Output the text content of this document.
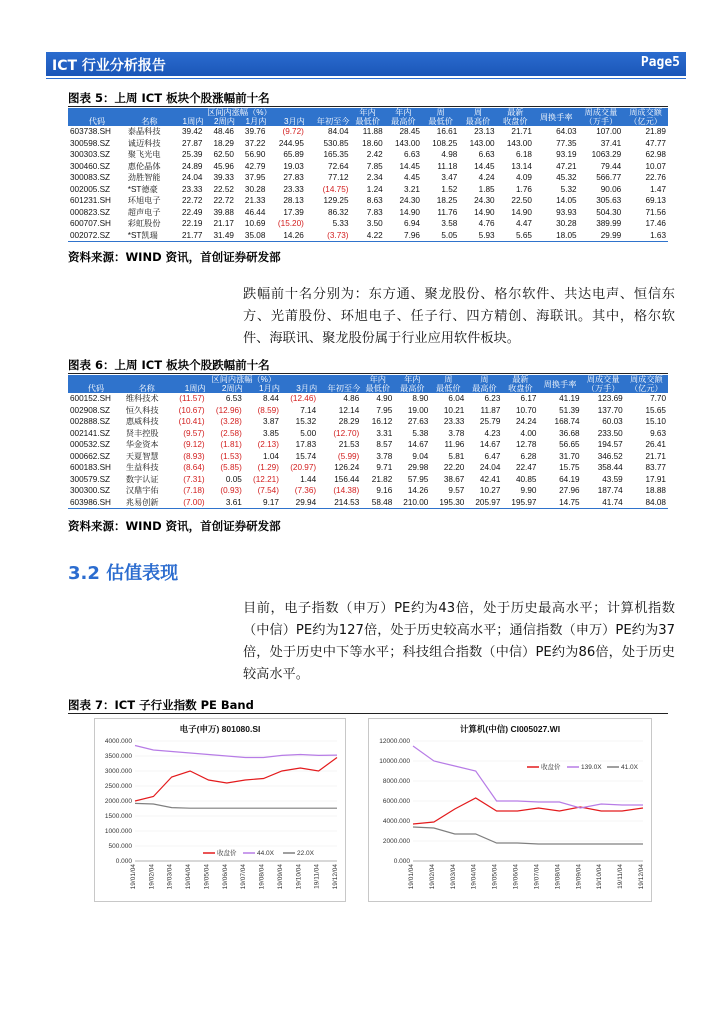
ICT 行业分析报告	Page5
图表 5：上周 ICT 板块个股涨幅前十名
		区间内涨幅（%）					年内	年内	周	周	最新	周换手率	周成交量	周成交额
代码	名称	1周内	2周内	1月内	3月内	年初至今	最低价	最高价	最低价	最高价	收盘价		（万手）	（亿元）
603738.SH	泰晶科技	39.42	48.46	39.76	(9.72)	84.04	11.88	28.45	16.61	23.13	21.71	64.03	107.00	21.89
300598.SZ	诚迈科技	27.87	18.29	37.22	244.95	530.85	18.60	143.00	108.25	143.00	143.00	77.35	37.41	47.77
300303.SZ	聚飞光电	25.39	62.50	56.90	65.89	165.35	2.42	6.63	4.98	6.63	6.18	93.19	1063.29	62.98
300460.SZ	惠伦晶体	24.89	45.96	42.79	19.03	72.64	7.85	14.45	11.18	14.45	13.14	47.21	79.44	10.07
300083.SZ	劲胜智能	24.04	39.33	37.95	27.83	77.12	2.34	4.45	3.47	4.24	4.09	45.32	566.77	22.76
002005.SZ	*ST德豪	23.33	22.52	30.28	23.33	(14.75)	1.24	3.21	1.52	1.85	1.76	5.32	90.06	1.47
601231.SH	环旭电子	22.72	22.72	21.33	28.13	129.25	8.63	24.30	18.25	24.30	22.50	14.05	305.63	69.13
000823.SZ	超声电子	22.49	39.88	46.44	17.39	86.32	7.83	14.90	11.76	14.90	14.90	93.93	504.30	71.56
600707.SH	彩虹股份	22.19	21.17	10.69	(15.20)	5.33	3.50	6.94	3.58	4.76	4.47	30.28	389.99	17.46
002072.SZ	*ST凯瑞	21.77	31.49	35.08	14.26	(3.73)	4.22	7.96	5.05	5.93	5.65	18.05	29.99	1.63
资料来源：WIND 资讯，首创证券研发部
跌幅前十名分别为：东方通、聚龙股份、格尔软件、共达电声、恒信东方、光莆股份、环旭电子、任子行、四方精创、海联讯。其中，格尔软件、海联讯、聚龙股份属于行业应用软件板块。
图表 6：上周 ICT 板块个股跌幅前十名
		区间内涨幅（%）					年内	年内	周	周	最新	周换手率	周成交量	周成交额
代码	名称	1周内	2周内	1月内	3月内	年初至今	最低价	最高价	最低价	最高价	收盘价		（万手）	（亿元）
600152.SH	维科技术	(11.57)	6.53	8.44	(12.46)	4.86	4.90	8.90	6.04	6.23	6.17	41.19	123.69	7.70
002908.SZ	恒久科技	(10.67)	(12.96)	(8.59)	7.14	12.14	7.95	19.00	10.21	11.87	10.70	51.39	137.70	15.65
002888.SZ	惠威科技	(10.41)	(3.28)	3.87	15.32	28.29	16.12	27.63	23.33	25.79	24.24	168.74	60.03	15.10
002141.SZ	贤丰控股	(9.57)	(2.58)	3.85	5.00	(12.70)	3.31	5.38	3.78	4.23	4.00	36.68	233.50	9.63
000532.SZ	华金资本	(9.12)	(1.81)	(2.13)	17.83	21.53	8.57	14.67	11.96	14.67	12.78	56.65	194.57	26.41
000662.SZ	天夏智慧	(8.93)	(1.53)	1.04	15.74	(5.99)	3.78	9.04	5.81	6.47	6.28	31.70	346.52	21.71
600183.SH	生益科技	(8.64)	(5.85)	(1.29)	(20.97)	126.24	9.71	29.98	22.20	24.04	22.47	15.75	358.44	83.77
300579.SZ	数字认证	(7.31)	0.05	(12.21)	1.44	156.44	21.82	57.95	38.67	42.41	40.85	64.19	43.59	17.91
300300.SZ	汉鼎宇佑	(7.18)	(0.93)	(7.54)	(7.36)	(14.38)	9.16	14.26	9.57	10.27	9.90	27.96	187.74	18.88
603986.SH	兆易创新	(7.00)	3.61	9.17	29.94	214.53	58.48	210.00	195.30	205.97	195.97	14.75	41.74	84.08
资料来源：WIND 资讯，首创证券研发部
3.2 估值表现
目前，电子指数（申万）PE约为43倍，处于历史最高水平；计算机指数（中信）PE约为127倍，处于历史较高水平；通信指数（申万）PE约为37倍，处于历史中下等水平；科技组合指数（中信）PE约为86倍，处于历史较高水平。
图表 7：ICT 子行业指数 PE Band
电子(申万) 801080.SI
0.000
500.000
1000.000
1500.000
2000.000
2500.000
3000.000
3500.000
4000.000
19/01/04 19/02/04 19/03/04 19/04/04 19/05/04 19/06/04 19/07/04 19/08/04 19/09/04 19/10/04 19/11/04 19/12/04
收盘价	44.0X	22.0X
计算机(中信) CI005027.WI
0.000
2000.000
4000.000
6000.000
8000.000
10000.000
12000.000
19/01/04 19/02/04 19/03/04 19/04/04 19/05/04 19/06/04 19/07/04 19/08/04 19/09/04 19/10/04 19/11/04 19/12/04
收盘价	139.0X	41.0X
